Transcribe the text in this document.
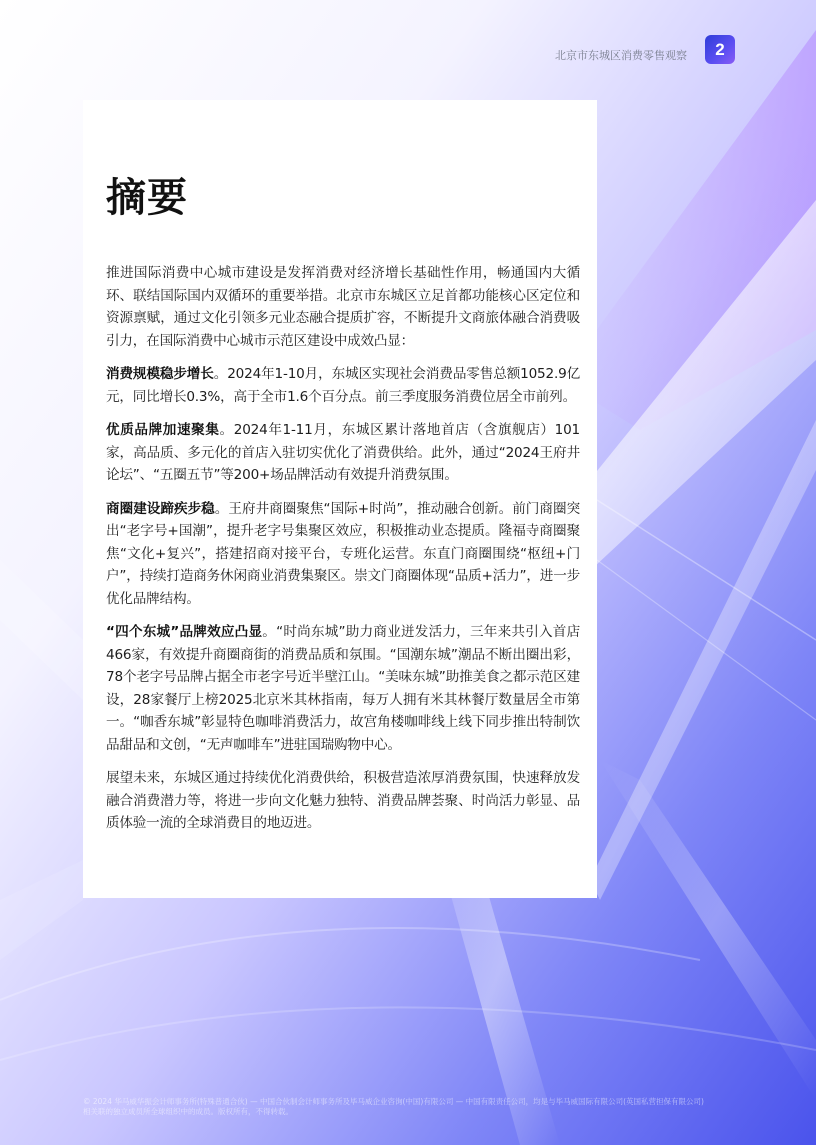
北京市东城区消费零售观察	2
摘要

推进国际消费中心城市建设是发挥消费对经济增长基础性作用，畅通国内大循环、联结国际国内双循环的重要举措。北京市东城区立足首都功能核心区定位和资源禀赋，通过文化引领多元业态融合提质扩容，不断提升文商旅体融合消费吸引力，在国际消费中心城市示范区建设中成效凸显：

消费规模稳步增长。2024年1-10月，东城区实现社会消费品零售总额1052.9亿元，同比增长0.3%，高于全市1.6个百分点。前三季度服务消费位居全市前列。

优质品牌加速聚集。2024年1-11月，东城区累计落地首店（含旗舰店）101家，高品质、多元化的首店入驻切实优化了消费供给。此外，通过“2024王府井论坛”、“五圈五节”等200+场品牌活动有效提升消费氛围。

商圈建设蹄疾步稳。王府井商圈聚焦“国际+时尚”，推动融合创新。前门商圈突出“老字号+国潮”，提升老字号集聚区效应，积极推动业态提质。隆福寺商圈聚焦“文化+复兴”，搭建招商对接平台，专班化运营。东直门商圈围绕“枢纽+门户”，持续打造商务休闲商业消费集聚区。崇文门商圈体现“品质+活力”，进一步优化品牌结构。

“四个东城”品牌效应凸显。“时尚东城”助力商业迸发活力，三年来共引入首店466家，有效提升商圈商街的消费品质和氛围。“国潮东城”潮品不断出圈出彩，78个老字号品牌占据全市老字号近半壁江山。“美味东城”助推美食之都示范区建设，28家餐厅上榜2025北京米其林指南，每万人拥有米其林餐厅数量居全市第一。“咖香东城”彰显特色咖啡消费活力，故宫角楼咖啡线上线下同步推出特制饮品甜品和文创，“无声咖啡车”进驻国瑞购物中心。

展望未来，东城区通过持续优化消费供给，积极营造浓厚消费氛围，快速释放发融合消费潜力等，将进一步向文化魅力独特、消费品牌荟聚、时尚活力彰显、品质体验一流的全球消费目的地迈进。

© 2024 华马威华振会计师事务所(特殊普通合伙) — 中国合伙制会计师事务所及毕马威企业咨询(中国)有限公司 — 中国有限责任公司，均是与毕马威国际有限公司(英国私营担保有限公司)
相关联的独立成员所全球组织中的成员。版权所有，不得转载。
